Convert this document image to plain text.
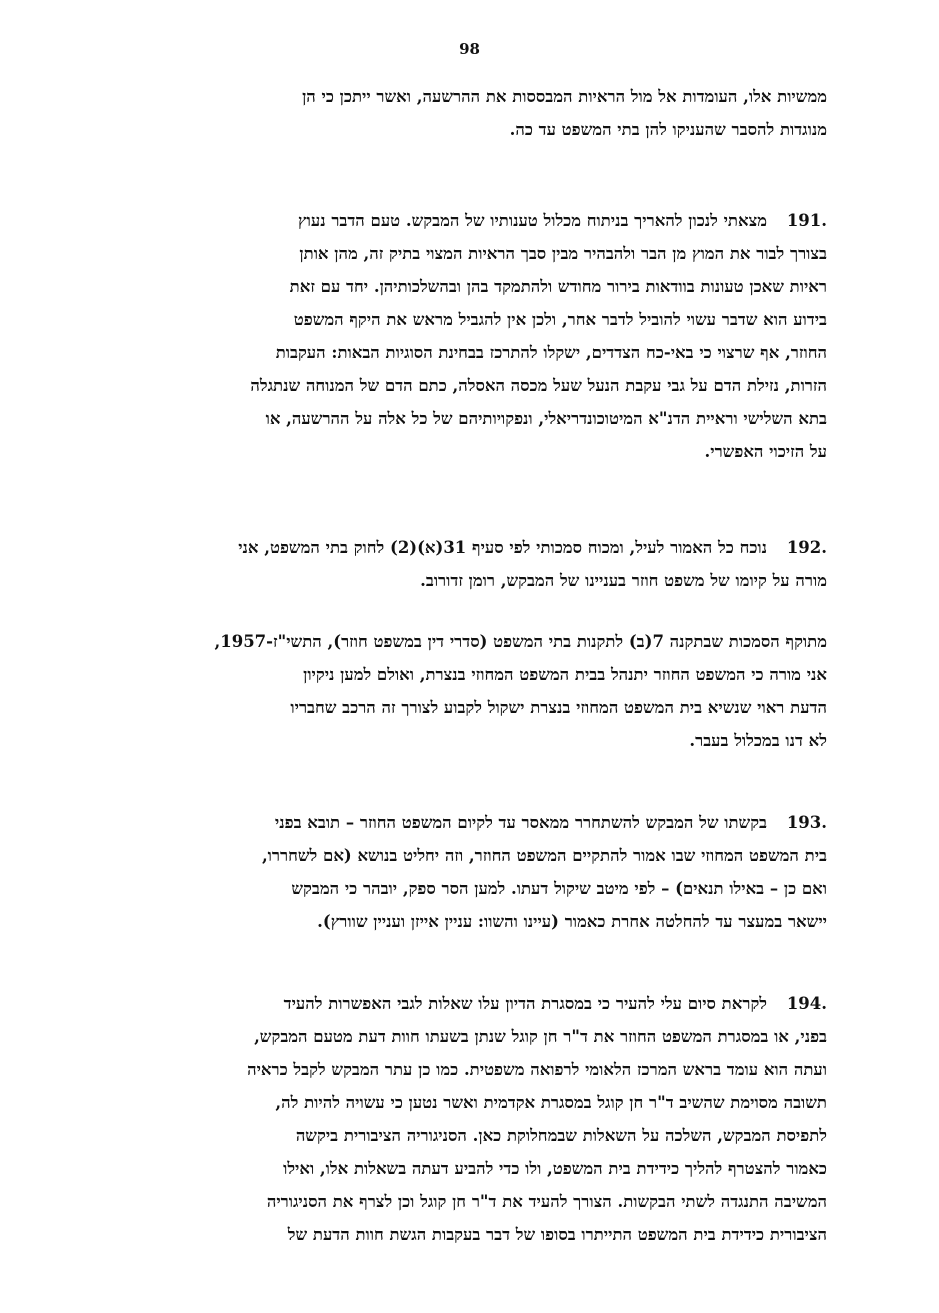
98
ממשיות אלו, העומדות אל מול הראיות המבססות את ההרשעה, ואשר ייתכן כי הן
מנוגדות להסבר שהעניקו להן בתי המשפט עד כה.
191.מצאתי לנכון להאריך בניתוח מכלול טענותיו של המבקש. טעם הדבר נעוץ
בצורך לבור את המוץ מן הבר ולהבהיר מבין סבך הראיות המצוי בתיק זה, מהן אותן
ראיות שאכן טעונות בוודאות בירור מחודש ולהתמקד בהן ובהשלכותיהן. יחד עם זאת
בידוע הוא שדבר עשוי להוביל לדבר אחר, ולכן אין להגביל מראש את היקף המשפט
החוזר, אף שרצוי כי באי-כח הצדדים, ישקלו להתרכז בבחינת הסוגיות הבאות: העקבות
הזרות, נזילת הדם על גבי עקבת הנעל שעל מכסה האסלה, כתם הדם של המנוחה שנתגלה
בתא השלישי וראיית הדנ"א המיטוכונדריאלי, ונפקויותיהם של כל אלה על ההרשעה, או
על הזיכוי האפשרי.
192.נוכח כל האמור לעיל, ומכוח סמכותי לפי סעיף 31(א)(2) לחוק בתי המשפט, אני
מורה על קיומו של משפט חוזר בעניינו של המבקש, רומן זדורוב.
מתוקף הסמכות שבתקנה 7(ב) לתקנות בתי המשפט (סדרי דין במשפט חוזר), התשי"ז-1957,
אני מורה כי המשפט החוזר יתנהל בבית המשפט המחוזי בנצרת, ואולם למען ניקיון
הדעת ראוי שנשיא בית המשפט המחוזי בנצרת ישקול לקבוע לצורך זה הרכב שחבריו
לא דנו במכלול בעבר.
193.בקשתו של המבקש להשתחרר ממאסר עד לקיום המשפט החוזר – תובא בפני
בית המשפט המחוזי שבו אמור להתקיים המשפט החוזר, וזה יחליט בנושא (אם לשחררו,
ואם כן – באילו תנאים) – לפי מיטב שיקול דעתו. למען הסר ספק, יובהר כי המבקש
יישאר במעצר עד להחלטה אחרת כאמור (עיינו והשוו: עניין אייזן ועניין שוורץ).
194.לקראת סיום עלי להעיר כי במסגרת הדיון עלו שאלות לגבי האפשרות להעיד
בפני, או במסגרת המשפט החוזר את ד"ר חן קוגל שנתן בשעתו חוות דעת מטעם המבקש,
ועתה הוא עומד בראש המרכז הלאומי לרפואה משפטית. כמו כן עתר המבקש לקבל כראיה
תשובה מסוימת שהשיב ד"ר חן קוגל במסגרת אקדמית ואשר נטען כי עשויה להיות לה,
לתפיסת המבקש, השלכה על השאלות שבמחלוקת כאן. הסניגוריה הציבורית ביקשה
כאמור להצטרף להליך כידידת בית המשפט, ולו כדי להביע דעתה בשאלות אלו, ואילו
המשיבה התנגדה לשתי הבקשות. הצורך להעיד את ד"ר חן קוגל וכן לצרף את הסניגוריה
הציבורית כידידת בית המשפט התייתרו בסופו של דבר בעקבות הגשת חוות הדעת של
